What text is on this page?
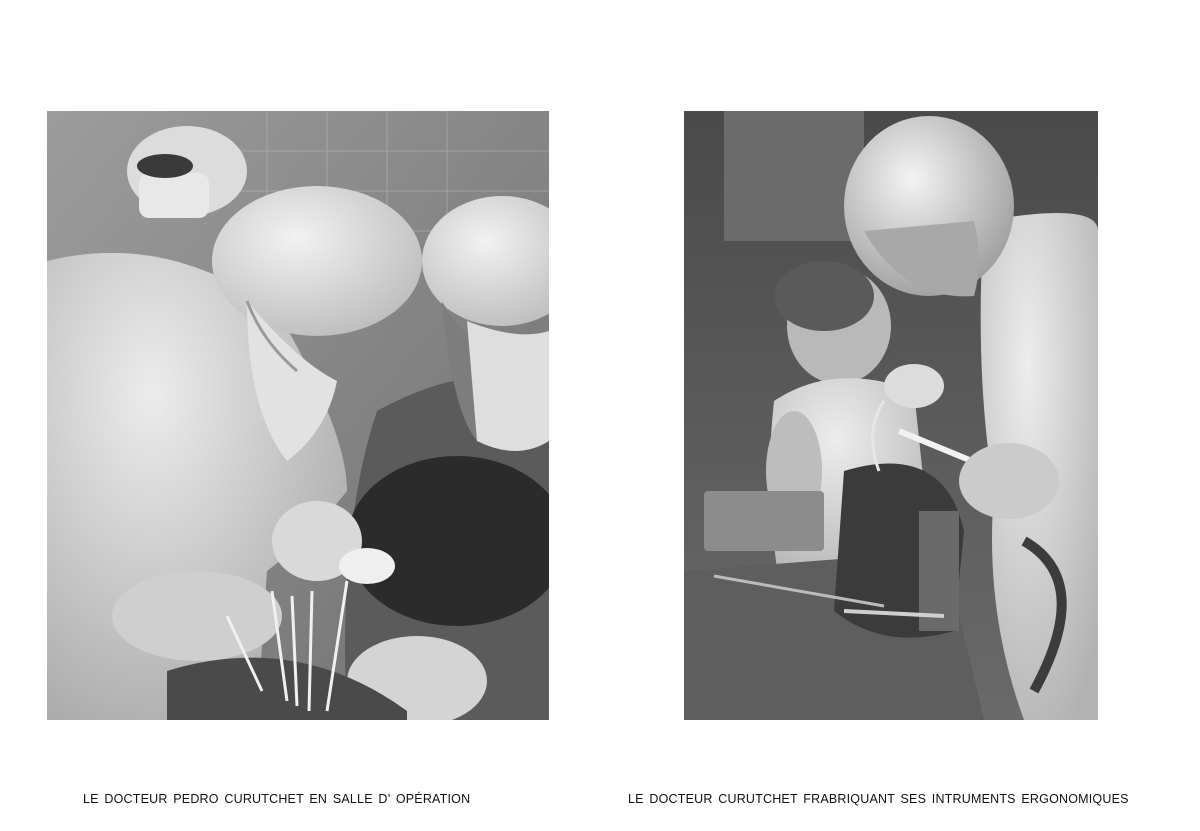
LE DOCTEUR PEDRO CURUTCHET EN SALLE D’ OPÉRATION	LE DOCTEUR CURUTCHET FRABRIQUANT SES INTRUMENTS ERGONOMIQUES
